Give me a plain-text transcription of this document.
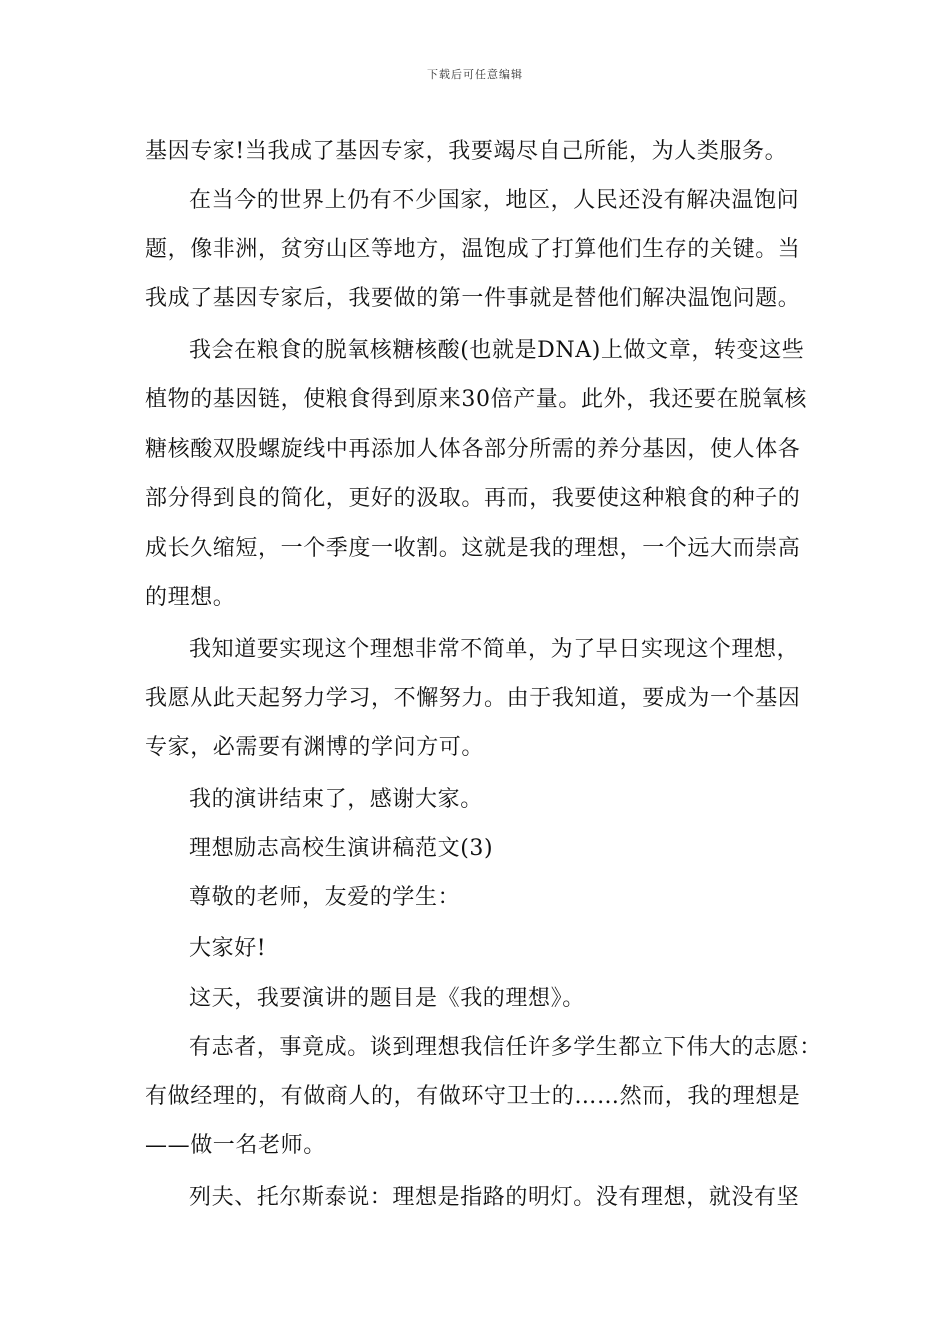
下载后可任意编辑
基因专家!当我成了基因专家，我要竭尽自己所能，为人类服务。
在当今的世界上仍有不少国家，地区，人民还没有解决温饱问
题，像非洲，贫穷山区等地方，温饱成了打算他们生存的关键。当
我成了基因专家后，我要做的第一件事就是替他们解决温饱问题。
我会在粮食的脱氧核糖核酸(也就是DNA)上做文章，转变这些
植物的基因链，使粮食得到原来30倍产量。此外，我还要在脱氧核
糖核酸双股螺旋线中再添加人体各部分所需的养分基因，使人体各
部分得到良的简化，更好的汲取。再而，我要使这种粮食的种子的
成长久缩短，一个季度一收割。这就是我的理想，一个远大而崇高
的理想。
我知道要实现这个理想非常不简单，为了早日实现这个理想，
我愿从此天起努力学习，不懈努力。由于我知道，要成为一个基因
专家，必需要有渊博的学问方可。
我的演讲结束了，感谢大家。
理想励志高校生演讲稿范文(3)
尊敬的老师，友爱的学生：
大家好!
这天，我要演讲的题目是《我的理想》。
有志者，事竟成。谈到理想我信任许多学生都立下伟大的志愿：
有做经理的，有做商人的，有做环守卫士的……然而，我的理想是
——做一名老师。
列夫、托尔斯泰说：理想是指路的明灯。没有理想，就没有坚
